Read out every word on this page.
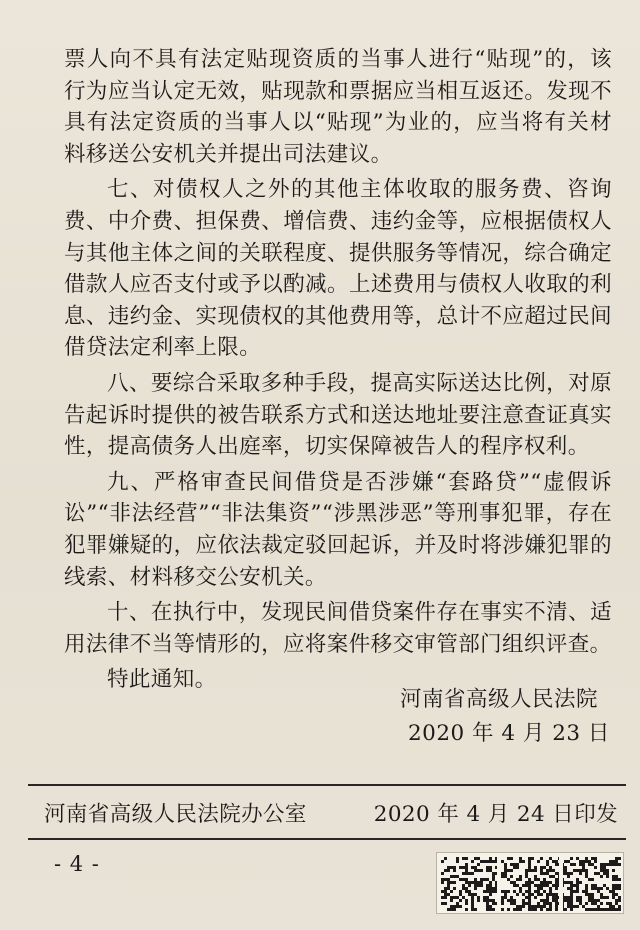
票人向不具有法定贴现资质的当事人进行“贴现”的，该行为应当认定无效，贴现款和票据应当相互返还。发现不具有法定资质的当事人以“贴现”为业的，应当将有关材料移送公安机关并提出司法建议。

七、对债权人之外的其他主体收取的服务费、咨询费、中介费、担保费、增信费、违约金等，应根据债权人与其他主体之间的关联程度、提供服务等情况，综合确定借款人应否支付或予以酌减。上述费用与债权人收取的利息、违约金、实现债权的其他费用等，总计不应超过民间借贷法定利率上限。

八、要综合采取多种手段，提高实际送达比例，对原告起诉时提供的被告联系方式和送达地址要注意查证真实性，提高债务人出庭率，切实保障被告人的程序权利。

九、严格审查民间借贷是否涉嫌“套路贷”“虚假诉讼”“非法经营”“非法集资”“涉黑涉恶”等刑事犯罪，存在犯罪嫌疑的，应依法裁定驳回起诉，并及时将涉嫌犯罪的线索、材料移交公安机关。

十、在执行中，发现民间借贷案件存在事实不清、适用法律不当等情形的，应将案件移交审管部门组织评查。

特此通知。

河南省高级人民法院
2020 年 4 月 23 日
河南省高级人民法院办公室	2020 年 4 月 24 日印发
- 4 -
